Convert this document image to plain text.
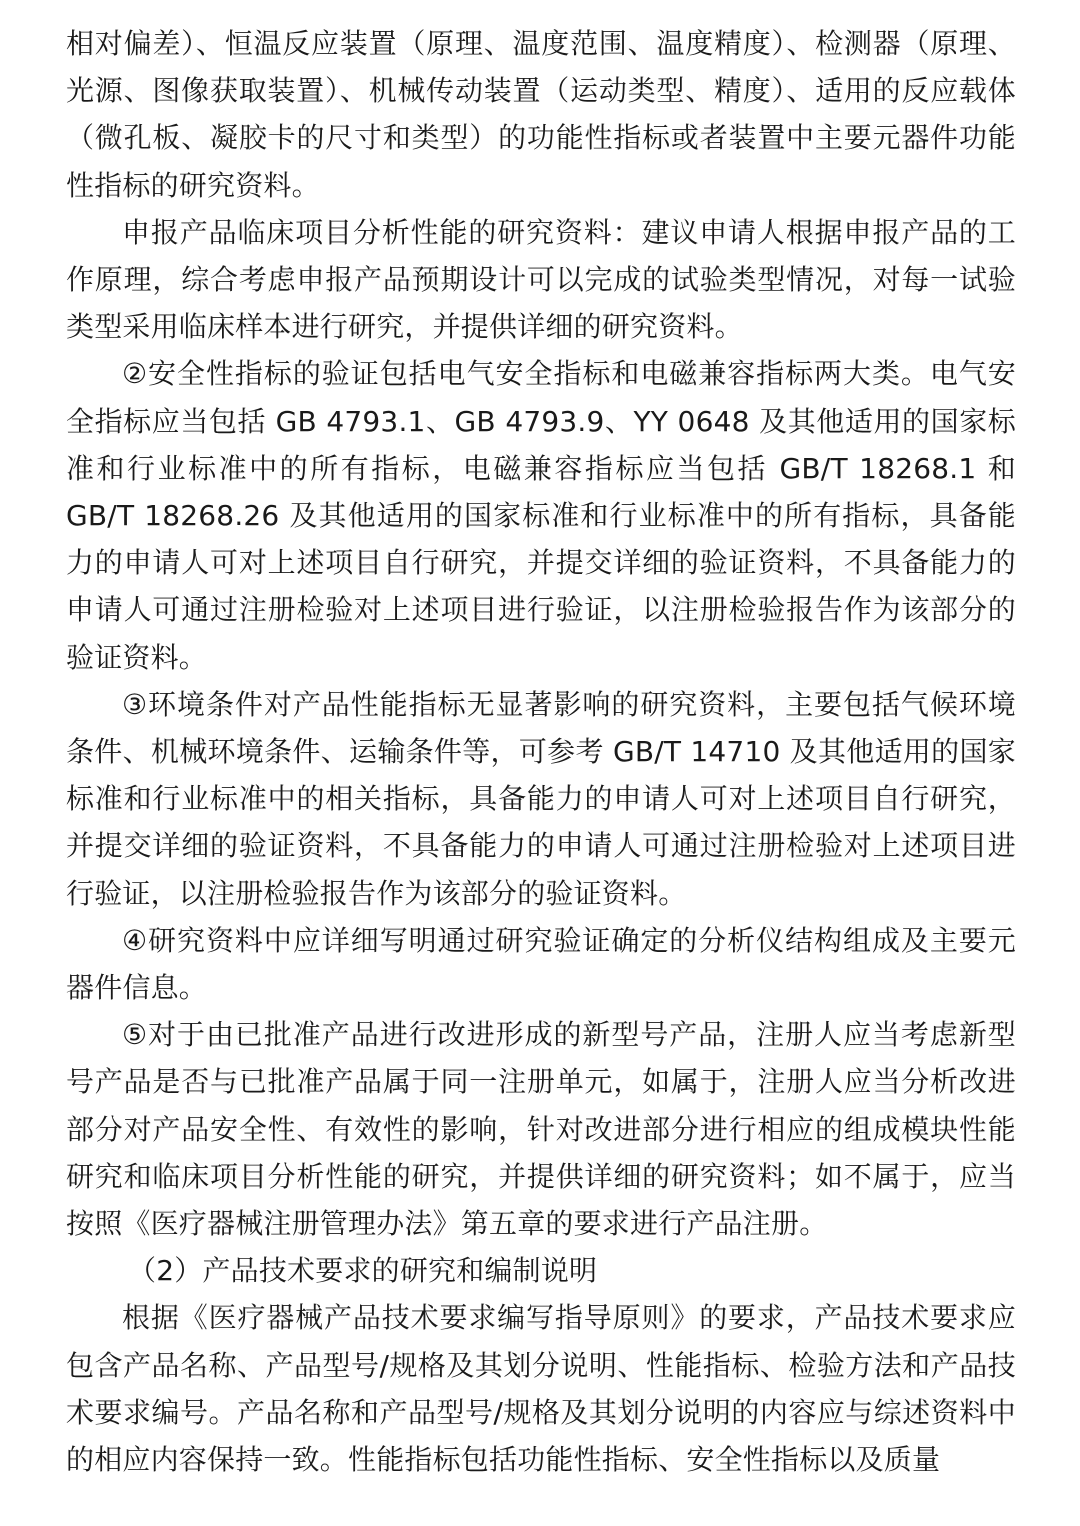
相对偏差）、恒温反应装置（原理、温度范围、温度精度）、检测器（原理、光源、图像获取装置）、机械传动装置（运动类型、精度）、适用的反应载体（微孔板、凝胶卡的尺寸和类型）的功能性指标或者装置中主要元器件功能性指标的研究资料。

申报产品临床项目分析性能的研究资料：建议申请人根据申报产品的工作原理，综合考虑申报产品预期设计可以完成的试验类型情况，对每一试验类型采用临床样本进行研究，并提供详细的研究资料。

②安全性指标的验证包括电气安全指标和电磁兼容指标两大类。电气安全指标应当包括 GB 4793.1、GB 4793.9、YY 0648 及其他适用的国家标准和行业标准中的所有指标，电磁兼容指标应当包括 GB/T 18268.1 和 GB/T 18268.26 及其他适用的国家标准和行业标准中的所有指标，具备能力的申请人可对上述项目自行研究，并提交详细的验证资料，不具备能力的申请人可通过注册检验对上述项目进行验证，以注册检验报告作为该部分的验证资料。

③环境条件对产品性能指标无显著影响的研究资料，主要包括气候环境条件、机械环境条件、运输条件等，可参考 GB/T 14710 及其他适用的国家标准和行业标准中的相关指标，具备能力的申请人可对上述项目自行研究，并提交详细的验证资料，不具备能力的申请人可通过注册检验对上述项目进行验证，以注册检验报告作为该部分的验证资料。

④研究资料中应详细写明通过研究验证确定的分析仪结构组成及主要元器件信息。

⑤对于由已批准产品进行改进形成的新型号产品，注册人应当考虑新型号产品是否与已批准产品属于同一注册单元，如属于，注册人应当分析改进部分对产品安全性、有效性的影响，针对改进部分进行相应的组成模块性能研究和临床项目分析性能的研究，并提供详细的研究资料；如不属于，应当按照《医疗器械注册管理办法》第五章的要求进行产品注册。

（2）产品技术要求的研究和编制说明

根据《医疗器械产品技术要求编写指导原则》的要求，产品技术要求应包含产品名称、产品型号/规格及其划分说明、性能指标、检验方法和产品技术要求编号。产品名称和产品型号/规格及其划分说明的内容应与综述资料中的相应内容保持一致。性能指标包括功能性指标、安全性指标以及质量
